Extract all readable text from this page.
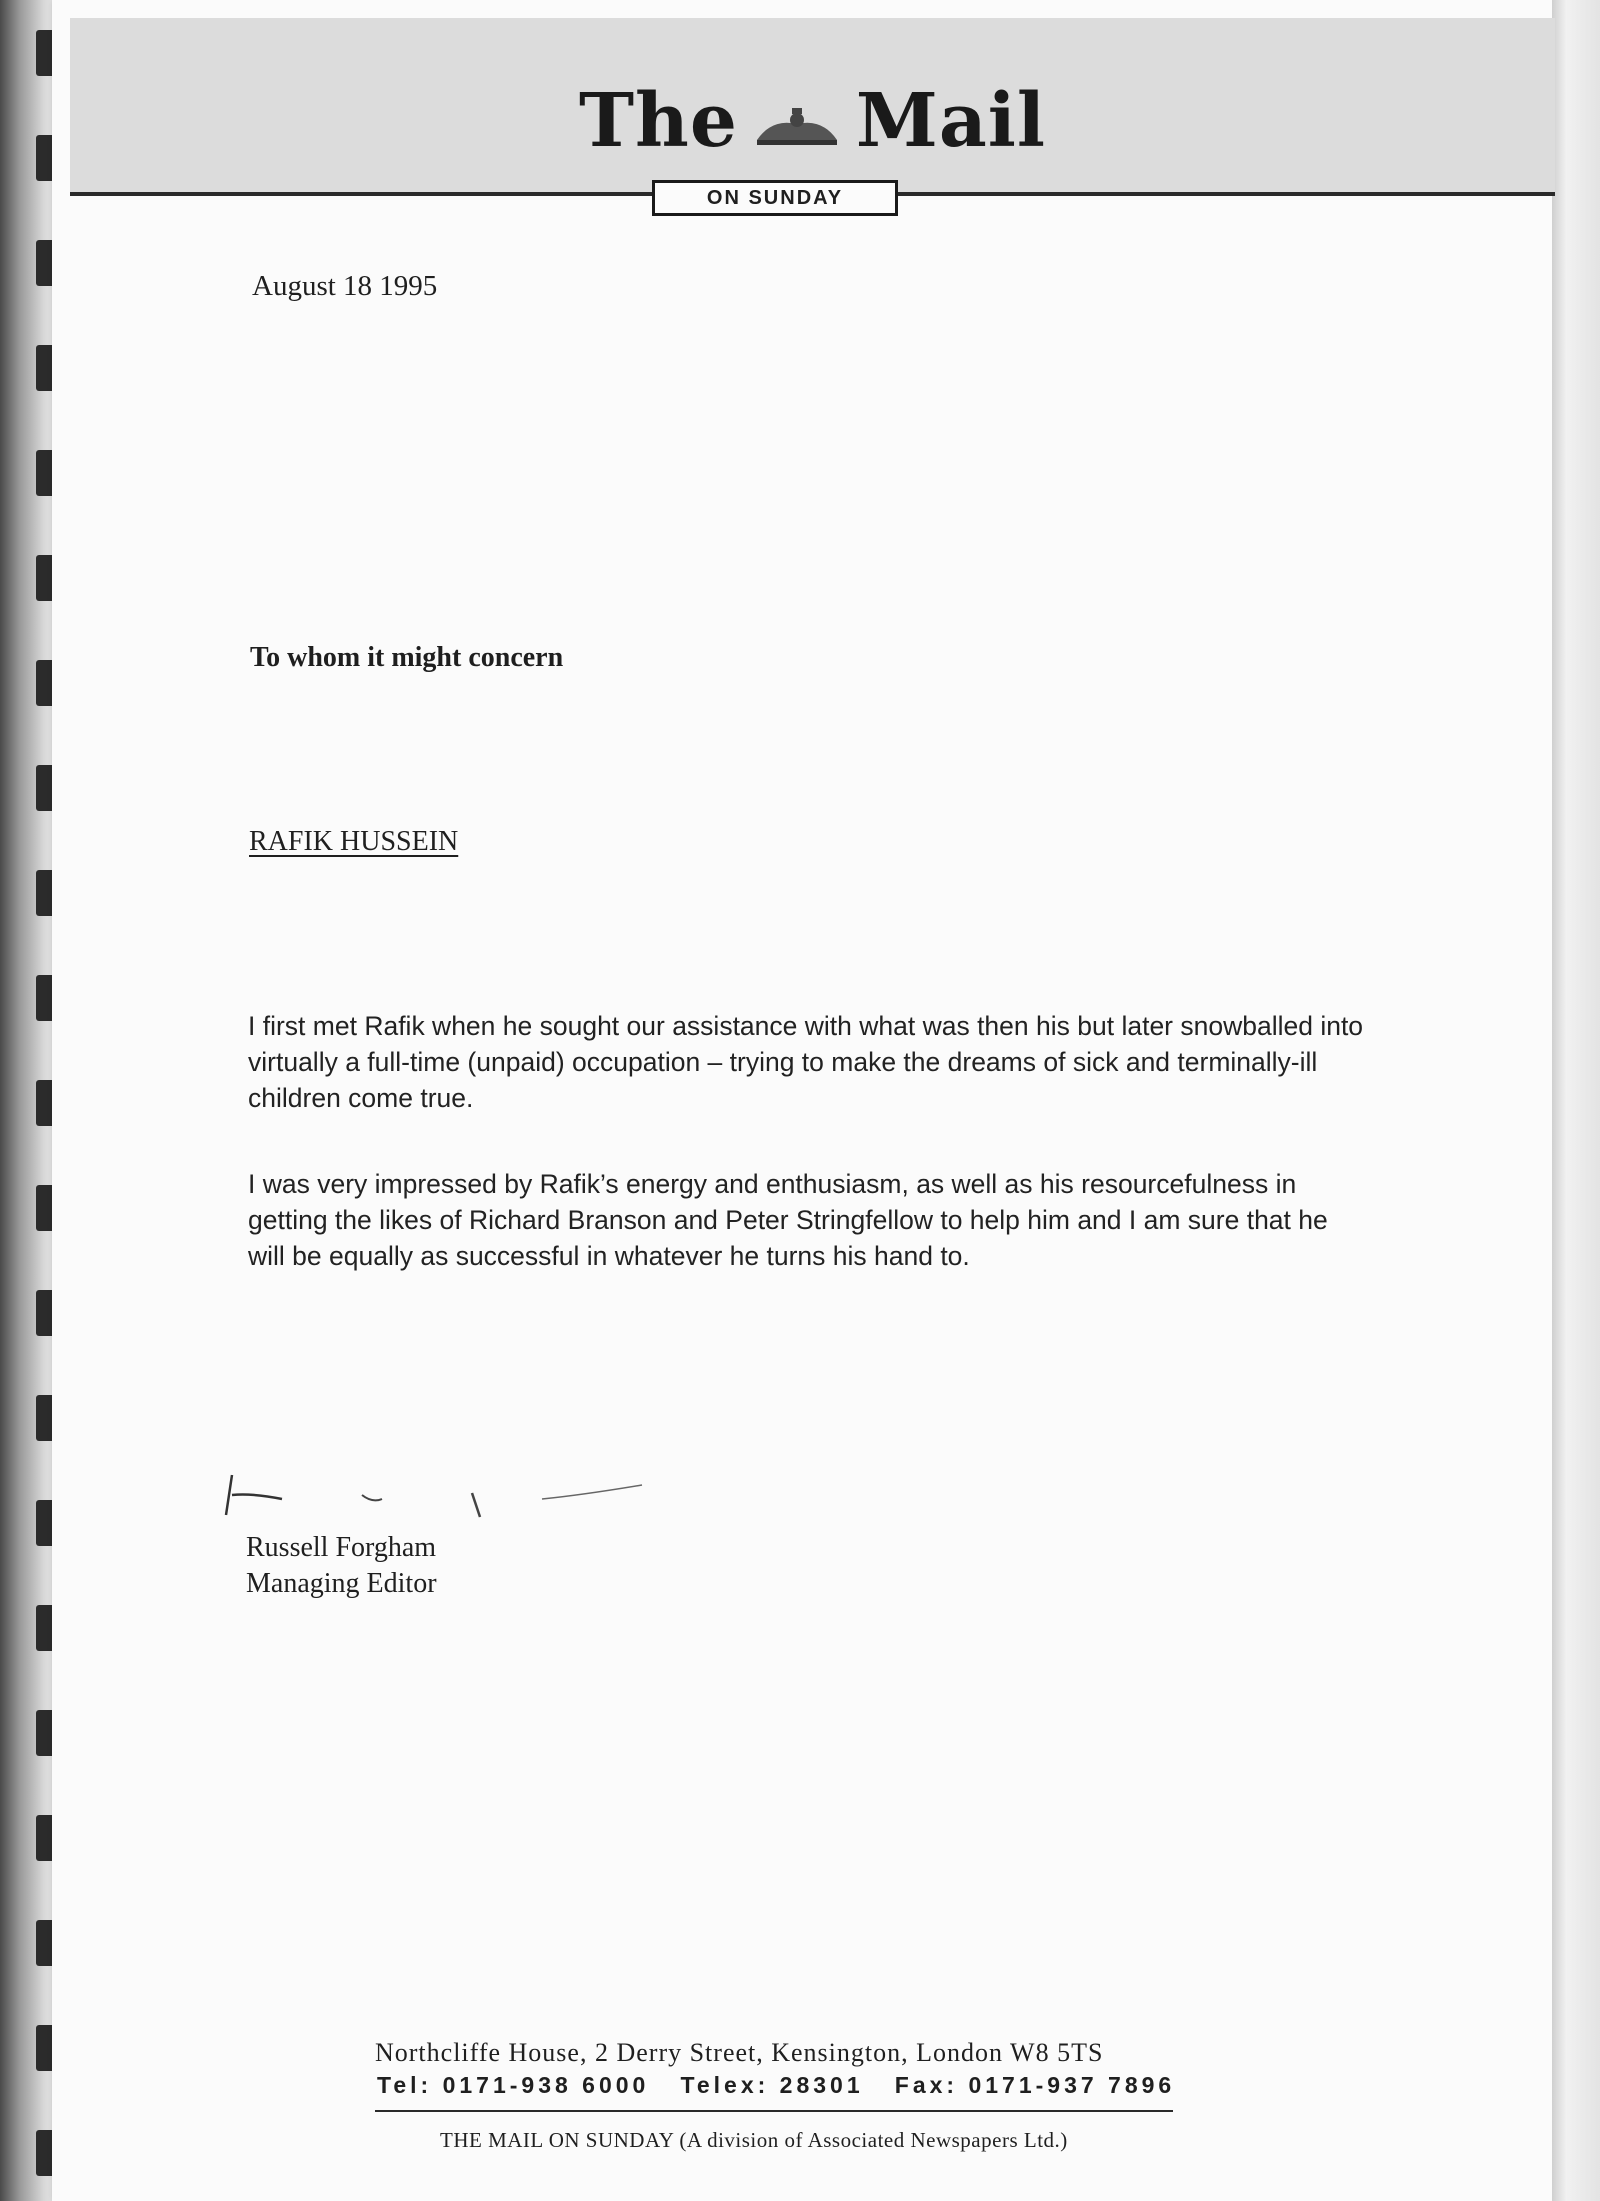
The Mail
ON SUNDAY
August 18 1995
To whom it might concern
RAFIK HUSSEIN
I first met Rafik when he sought our assistance with what was then his but later snowballed into virtually a full-time (unpaid) occupation – trying to make the dreams of sick and terminally-ill children come true.
I was very impressed by Rafik’s energy and enthusiasm, as well as his resourcefulness in getting the likes of Richard Branson and Peter Stringfellow to help him and I am sure that he will be equally as successful in whatever he turns his hand to.
Russell Forgham
Managing Editor
Northcliffe House, 2 Derry Street, Kensington, London W8 5TS
Tel: 0171-938 6000   Telex: 28301   Fax: 0171-937 7896
THE MAIL ON SUNDAY (A division of Associated Newspapers Ltd.)
